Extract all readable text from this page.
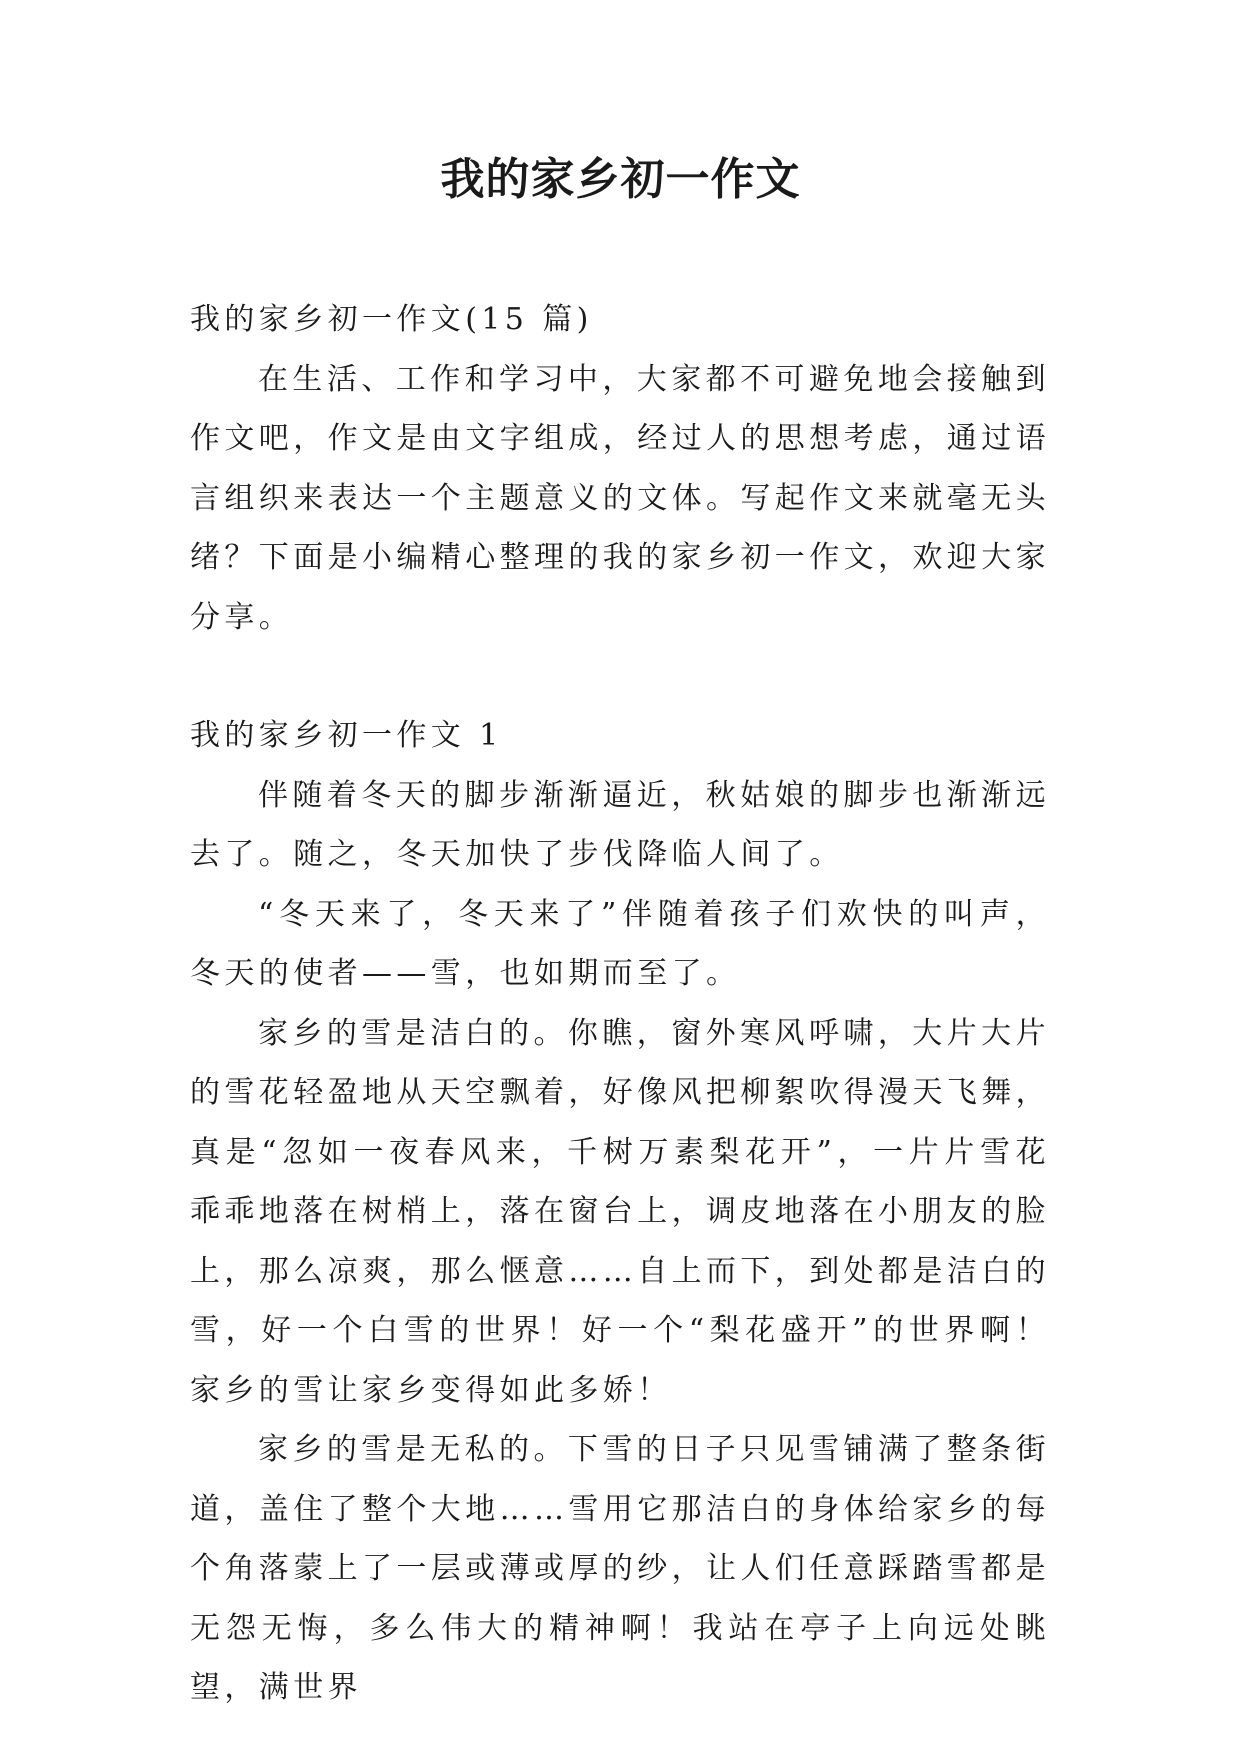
我的家乡初一作文

我的家乡初一作文(15 篇)

在生活、工作和学习中，大家都不可避免地会接触到作文吧，作文是由文字组成，经过人的思想考虑，通过语言组织来表达一个主题意义的文体。写起作文来就毫无头绪？下面是小编精心整理的我的家乡初一作文，欢迎大家分享。

我的家乡初一作文 1

伴随着冬天的脚步渐渐逼近，秋姑娘的脚步也渐渐远去了。随之，冬天加快了步伐降临人间了。

“冬天来了，冬天来了”伴随着孩子们欢快的叫声，冬天的使者——雪，也如期而至了。

家乡的雪是洁白的。你瞧，窗外寒风呼啸，大片大片的雪花轻盈地从天空飘着，好像风把柳絮吹得漫天飞舞，真是“忽如一夜春风来，千树万素梨花开”，一片片雪花乖乖地落在树梢上，落在窗台上，调皮地落在小朋友的脸上，那么凉爽，那么惬意……自上而下，到处都是洁白的雪，好一个白雪的世界！好一个“梨花盛开”的世界啊！家乡的雪让家乡变得如此多娇！

家乡的雪是无私的。下雪的日子只见雪铺满了整条街道，盖住了整个大地……雪用它那洁白的身体给家乡的每个角落蒙上了一层或薄或厚的纱，让人们任意踩踏雪都是无怨无悔，多么伟大的精神啊！我站在亭子上向远处眺望，满世界
